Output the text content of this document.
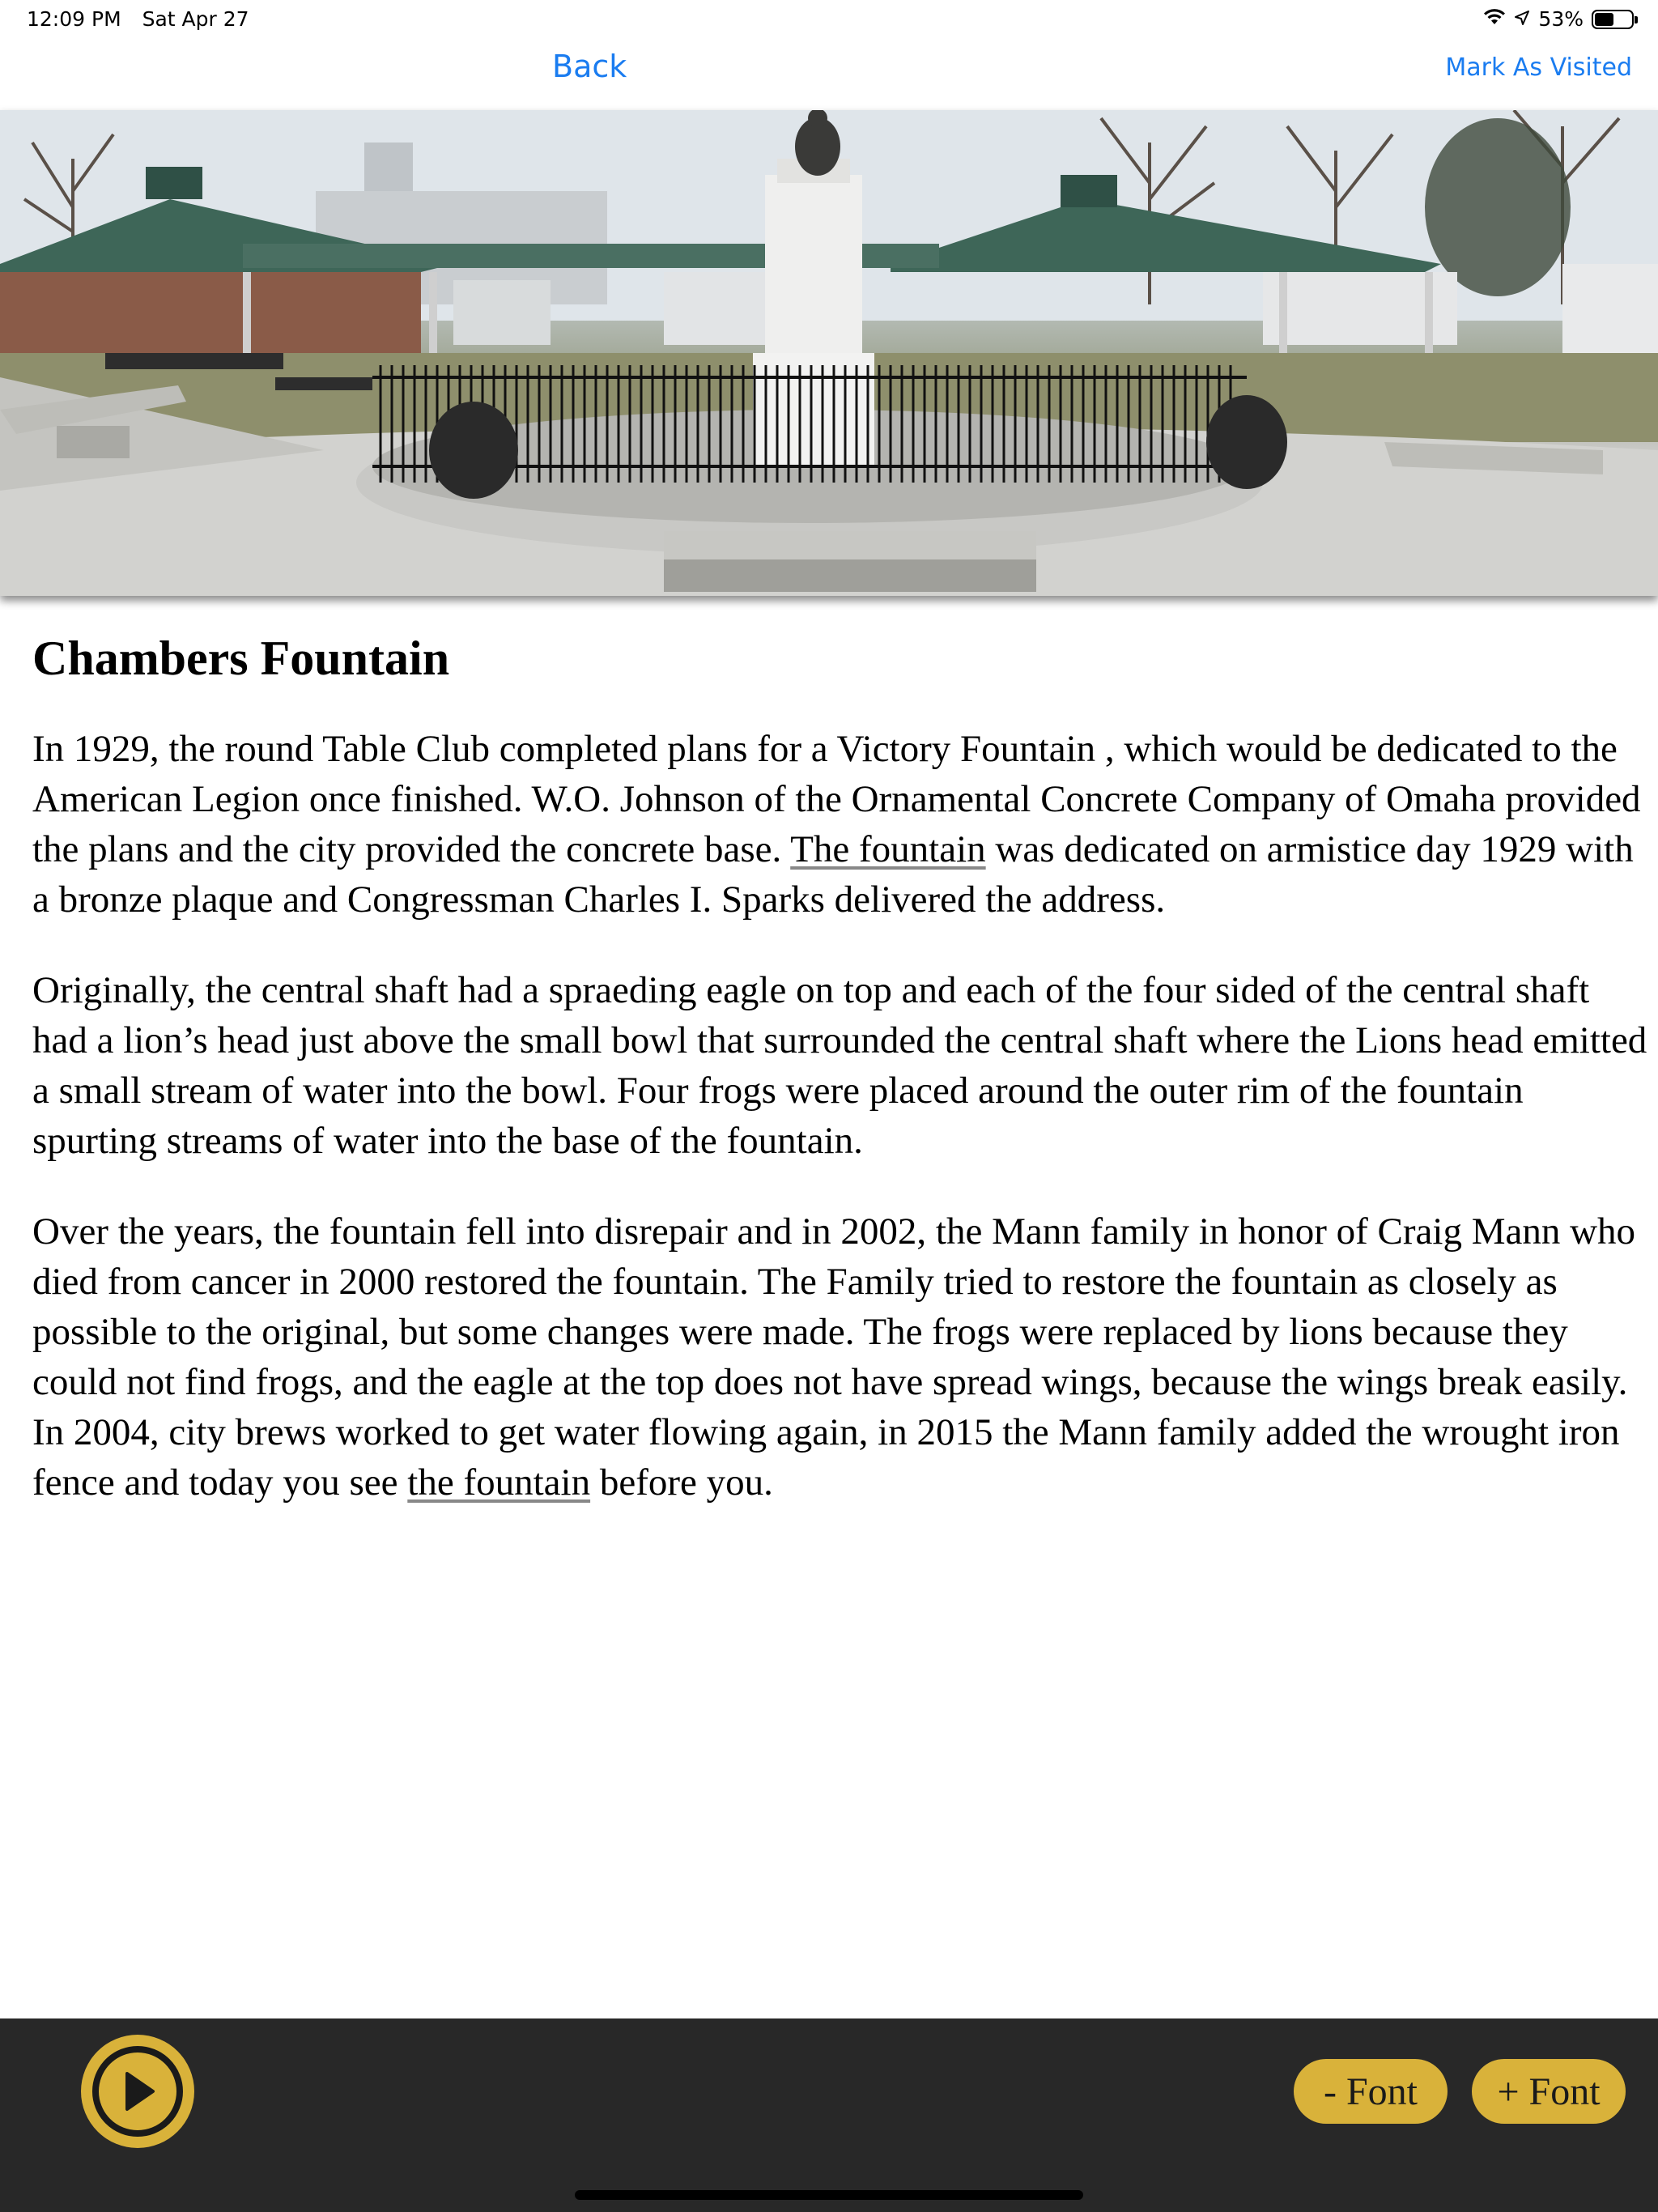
12:09 PM Sat Apr 27	53%
Back	Mark As Visited
Chambers Fountain

In 1929, the round Table Club completed plans for a Victory Fountain , which would be dedicated to the American Legion once finished. W.O. Johnson of the Ornamental Concrete Company of Omaha provided the plans and the city provided the concrete base. The fountain was dedicated on armistice day 1929 with a bronze plaque and Congressman Charles I. Sparks delivered the address.

Originally, the central shaft had a spraeding eagle on top and each of the four sided of the central shaft had a lion’s head just above the small bowl that surrounded the central shaft where the Lions head emitted a small stream of water into the bowl. Four frogs were placed around the outer rim of the fountain spurting streams of water into the base of the fountain.

Over the years, the fountain fell into disrepair and in 2002, the Mann family in honor of Craig Mann who died from cancer in 2000 restored the fountain. The Family tried to restore the fountain as closely as possible to the original, but some changes were made. The frogs were replaced by lions because they could not find frogs, and the eagle at the top does not have spread wings, because the wings break easily. In 2004, city brews worked to get water flowing again, in 2015 the Mann family added the wrought iron fence and today you see the fountain before you.

- Font	+ Font
